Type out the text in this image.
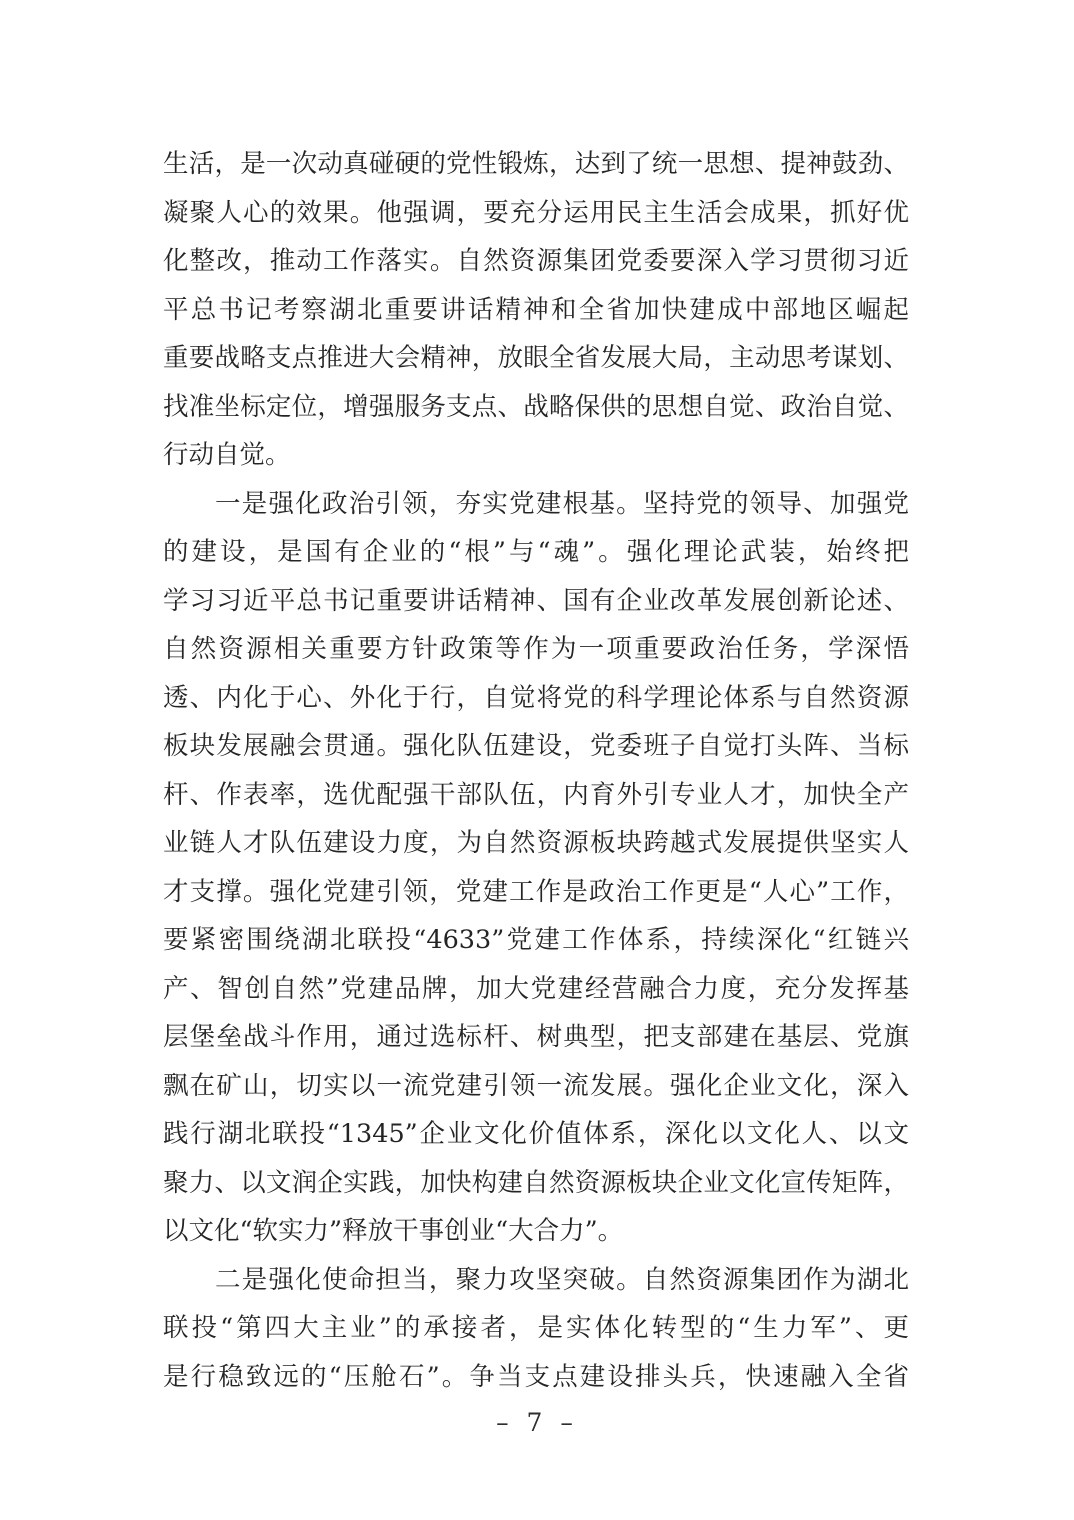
生活，是一次动真碰硬的党性锻炼，达到了统一思想、提神鼓劲、
凝聚人心的效果。他强调，要充分运用民主生活会成果，抓好优
化整改，推动工作落实。自然资源集团党委要深入学习贯彻习近
平总书记考察湖北重要讲话精神和全省加快建成中部地区崛起
重要战略支点推进大会精神，放眼全省发展大局，主动思考谋划、
找准坐标定位，增强服务支点、战略保供的思想自觉、政治自觉、
行动自觉。
一是强化政治引领，夯实党建根基。坚持党的领导、加强党
的建设，是国有企业的“根”与“魂”。强化理论武装，始终把
学习习近平总书记重要讲话精神、国有企业改革发展创新论述、
自然资源相关重要方针政策等作为一项重要政治任务，学深悟
透、内化于心、外化于行，自觉将党的科学理论体系与自然资源
板块发展融会贯通。强化队伍建设，党委班子自觉打头阵、当标
杆、作表率，选优配强干部队伍，内育外引专业人才，加快全产
业链人才队伍建设力度，为自然资源板块跨越式发展提供坚实人
才支撑。强化党建引领，党建工作是政治工作更是“人心”工作，
要紧密围绕湖北联投“4633”党建工作体系，持续深化“红链兴
产、智创自然”党建品牌，加大党建经营融合力度，充分发挥基
层堡垒战斗作用，通过选标杆、树典型，把支部建在基层、党旗
飘在矿山，切实以一流党建引领一流发展。强化企业文化，深入
践行湖北联投“1345”企业文化价值体系，深化以文化人、以文
聚力、以文润企实践，加快构建自然资源板块企业文化宣传矩阵，
以文化“软实力”释放干事创业“大合力”。
二是强化使命担当，聚力攻坚突破。自然资源集团作为湖北
联投“第四大主业”的承接者，是实体化转型的“生力军”、更
是行稳致远的“压舱石”。争当支点建设排头兵，快速融入全省
– 7 –
